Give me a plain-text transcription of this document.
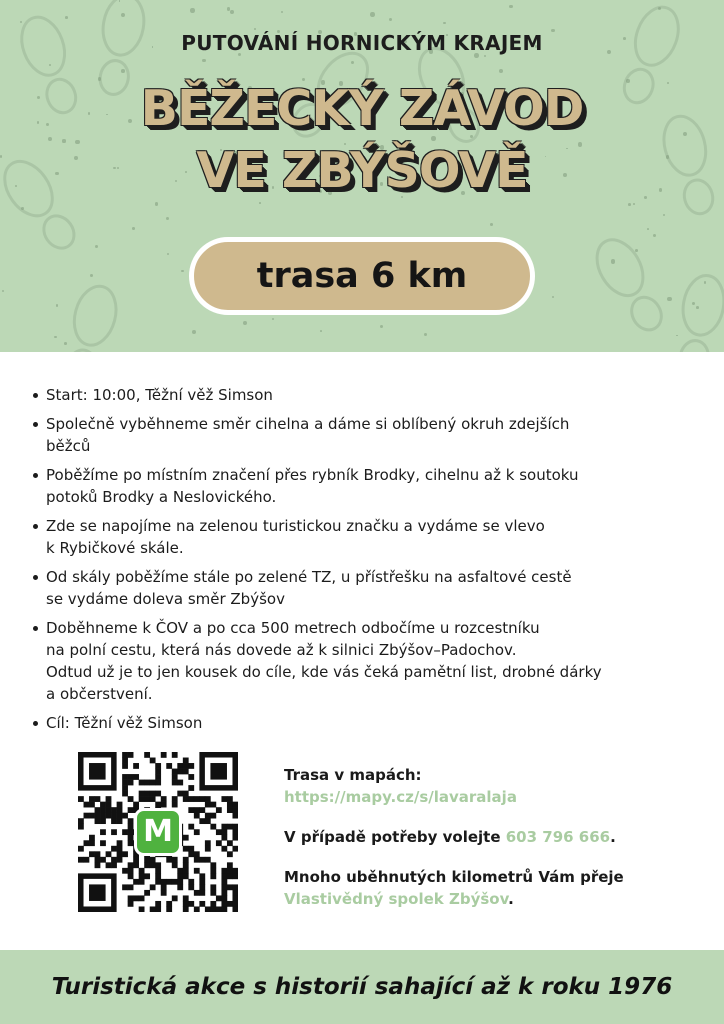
PUTOVÁNÍ HORNICKÝM KRAJEM
BĚŽECKÝ ZÁVOD
VE ZBÝŠOVĚ
trasa 6 km
Start: 10:00, Těžní věž Simson
Společně vyběhneme směr cihelna a dáme si oblíbený okruh zdejších
běžců
Poběžíme po místním značení přes rybník Brodky, cihelnu až k soutoku
potoků Brodky a Neslovického.
Zde se napojíme na zelenou turistickou značku a vydáme se vlevo
k Rybičkové skále.
Od skály poběžíme stále po zelené TZ, u přístřešku na asfaltové cestě
se vydáme doleva směr Zbýšov
Doběhneme k ČOV a po cca 500 metrech odbočíme u rozcestníku
na polní cestu, která nás dovede až k silnici Zbýšov–Padochov.
Odtud už je to jen kousek do cíle, kde vás čeká pamětní list, drobné dárky
a občerstvení.
Cíl: Těžní věž Simson
M

Trasa v mapách:

https://mapy.cz/s/lavaralaja

V případě potřeby volejte 603 796 666.

Mnoho uběhnutých kilometrů Vám přeje

Vlastivědný spolek Zbýšov.

Turistická akce s historií sahající až k roku 1976
